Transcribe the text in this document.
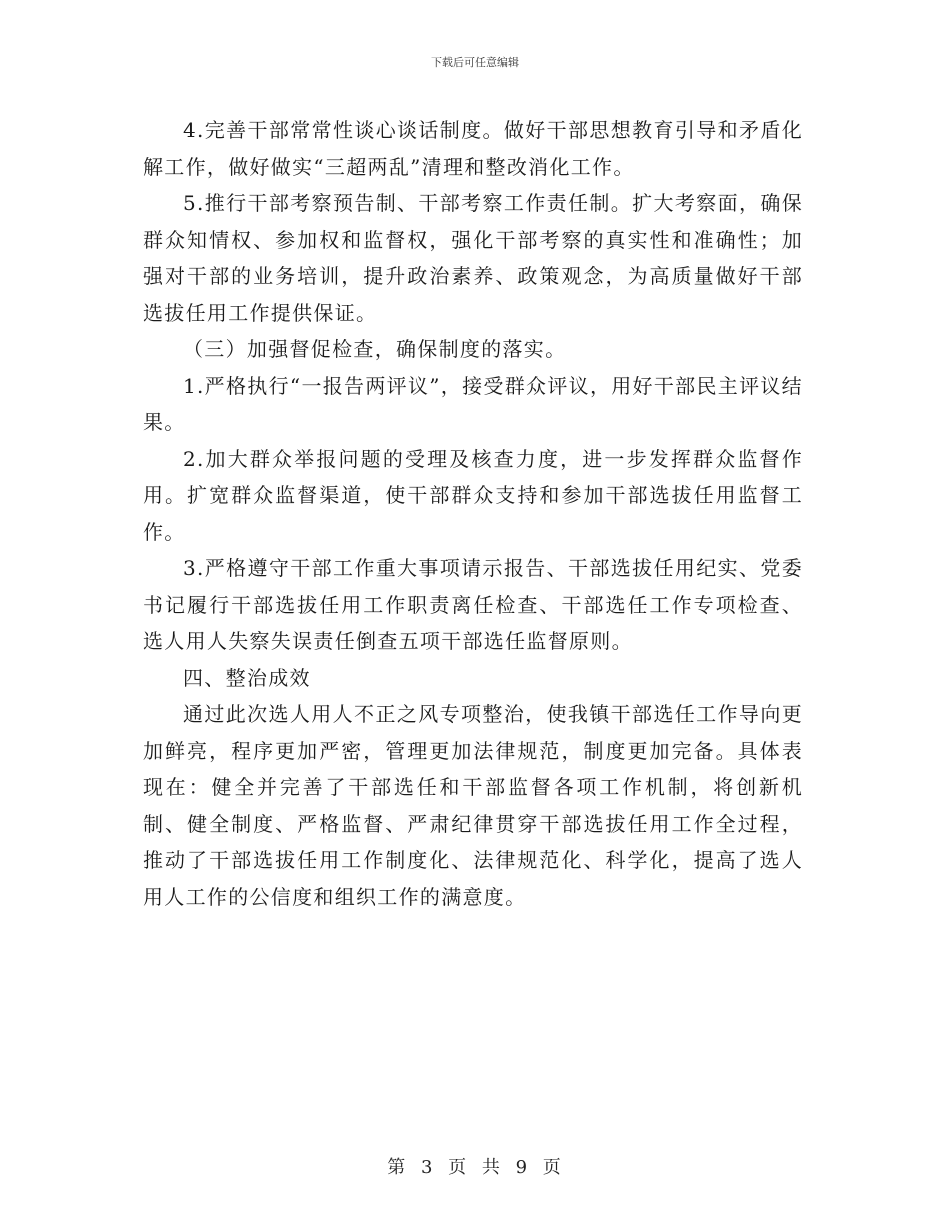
下载后可任意编辑

4.完善干部常常性谈心谈话制度。做好干部思想教育引导和矛盾化解工作，做好做实“三超两乱”清理和整改消化工作。

5.推行干部考察预告制、干部考察工作责任制。扩大考察面，确保群众知情权、参加权和监督权，强化干部考察的真实性和准确性；加强对干部的业务培训，提升政治素养、政策观念，为高质量做好干部选拔任用工作提供保证。

（三）加强督促检查，确保制度的落实。

1.严格执行“一报告两评议”，接受群众评议，用好干部民主评议结果。

2.加大群众举报问题的受理及核查力度，进一步发挥群众监督作用。扩宽群众监督渠道，使干部群众支持和参加干部选拔任用监督工作。

3.严格遵守干部工作重大事项请示报告、干部选拔任用纪实、党委书记履行干部选拔任用工作职责离任检查、干部选任工作专项检查、选人用人失察失误责任倒查五项干部选任监督原则。

四、整治成效

通过此次选人用人不正之风专项整治，使我镇干部选任工作导向更加鲜亮，程序更加严密，管理更加法律规范，制度更加完备。具体表现在：健全并完善了干部选任和干部监督各项工作机制，将创新机制、健全制度、严格监督、严肃纪律贯穿干部选拔任用工作全过程，推动了干部选拔任用工作制度化、法律规范化、科学化，提高了选人用人工作的公信度和组织工作的满意度。

第 3 页 共 9 页
